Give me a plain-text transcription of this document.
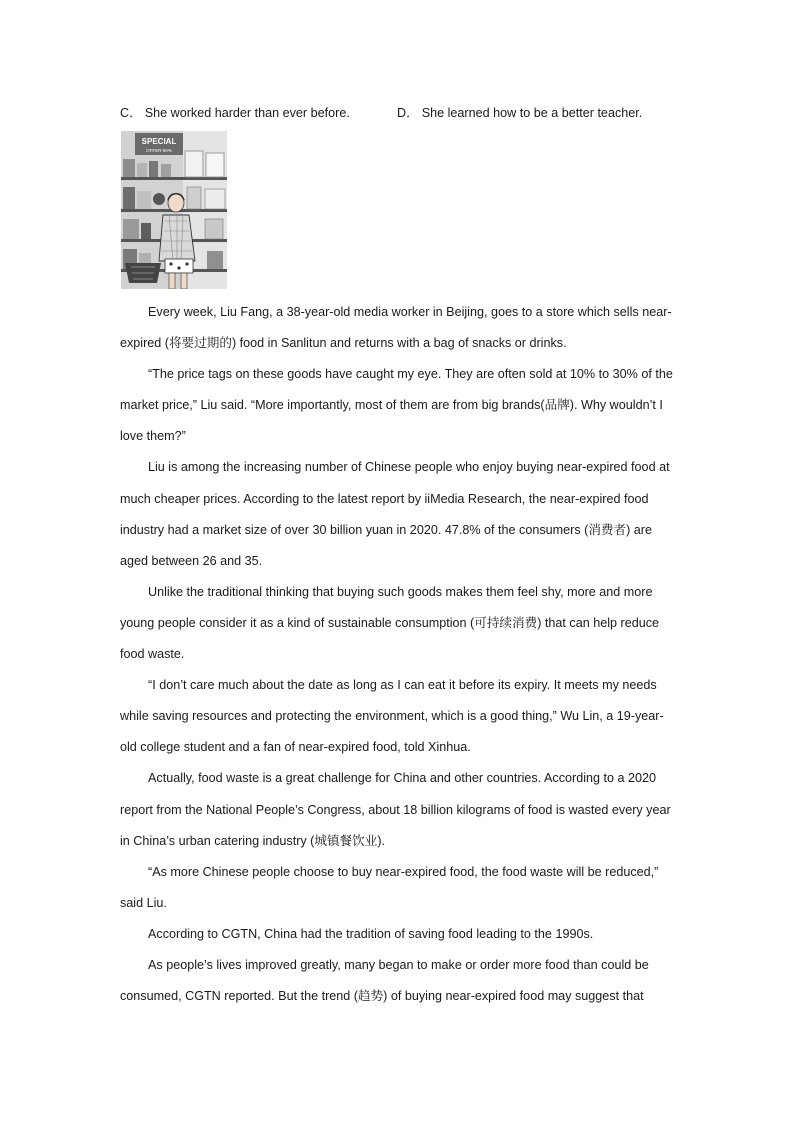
C． She worked harder than ever before.	D． She learned how to be a better teacher.
SPECIAL
OFFER-50%

Every week, Liu Fang, a 38-year-old media worker in Beijing, goes to a store which sells near-expired (将要过期的) food in Sanlitun and returns with a bag of snacks or drinks.

“The price tags on these goods have caught my eye. They are often sold at 10% to 30% of the market price,” Liu said. “More importantly, most of them are from big brands(品牌). Why wouldn’t I love them?”

Liu is among the increasing number of Chinese people who enjoy buying near-expired food at much cheaper prices. According to the latest report by iiMedia Research, the near-expired food industry had a market size of over 30 billion yuan in 2020. 47.8% of the consumers (消费者) are aged between 26 and 35.

Unlike the traditional thinking that buying such goods makes them feel shy, more and more young people consider it as a kind of sustainable consumption (可持续消费) that can help reduce food waste.

“I don’t care much about the date as long as I can eat it before its expiry. It meets my needs while saving resources and protecting the environment, which is a good thing,” Wu Lin, a 19-year-old college student and a fan of near-expired food, told Xinhua.

Actually, food waste is a great challenge for China and other countries. According to a 2020 report from the National People’s Congress, about 18 billion kilograms of food is wasted every year in China’s urban catering industry (城镇餐饮业).

“As more Chinese people choose to buy near-expired food, the food waste will be reduced,” said Liu.

According to CGTN, China had the tradition of saving food leading to the 1990s.

As people’s lives improved greatly, many began to make or order more food than could be consumed, CGTN reported. But the trend (趋势) of buying near-expired food may suggest that
